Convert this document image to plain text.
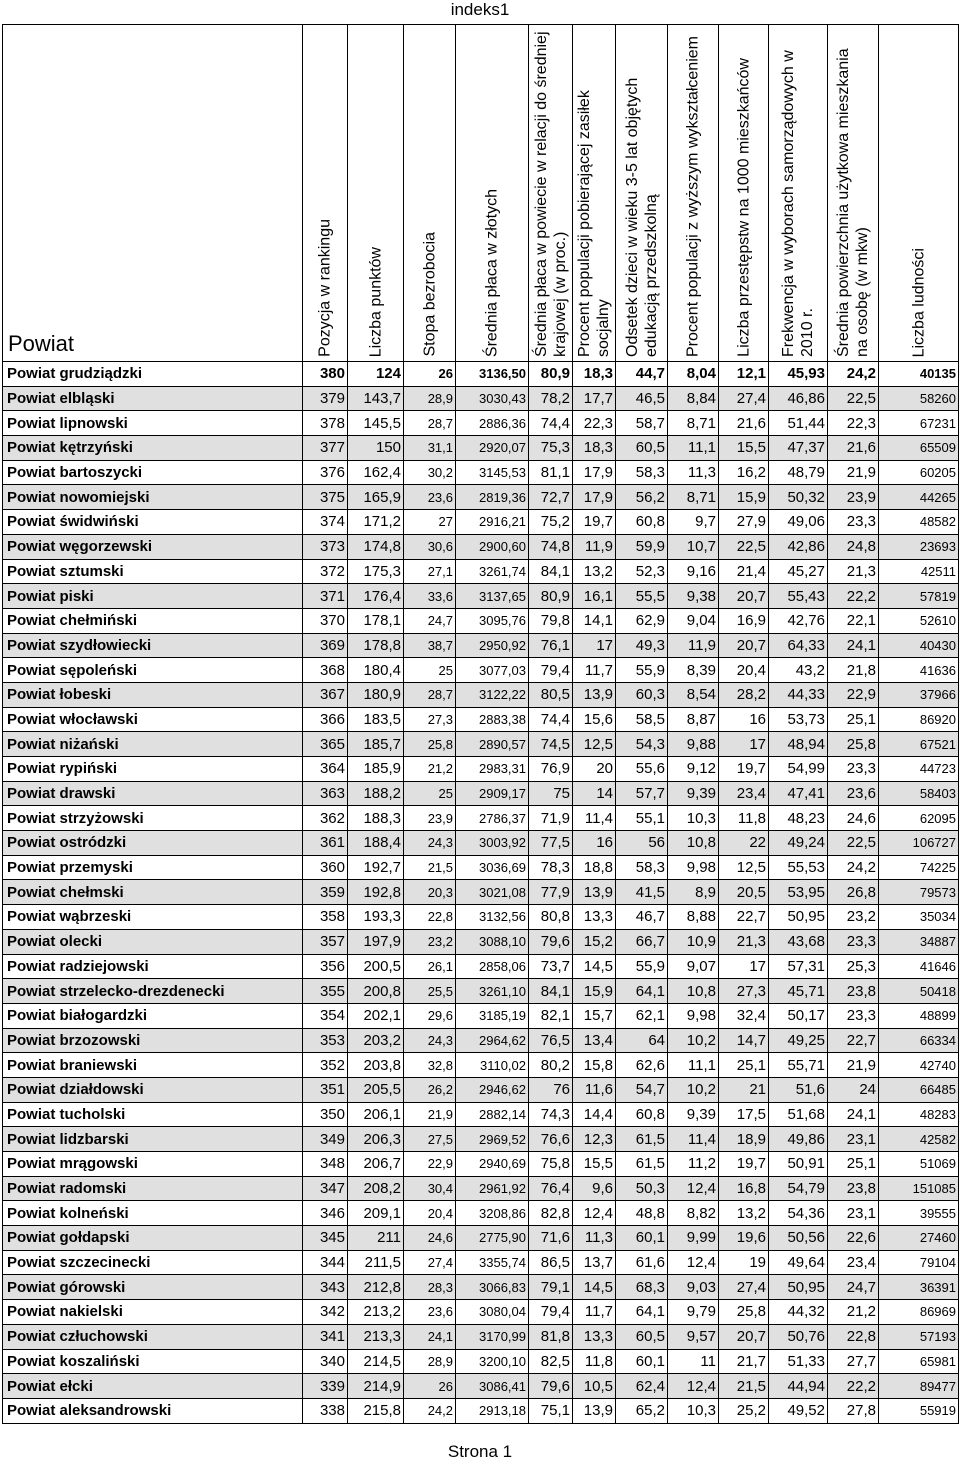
indeks1
Powiat	Pozycja w rankingu	Liczba punktów	Stopa bezrobocia	Średnia płaca w złotych	Średnia płaca w powiecie w relacji do średniej krajowej (w proc.)	Procent populacji pobierającej zasiłek socjalny	Odsetek dzieci w wieku 3-5 lat objętych edukacją przedszkolną	Procent populacji z wyższym wykształceniem	Liczba przestępstw na 1000 mieszkańców	Frekwencja w wyborach samorządowych w 2010 r.	Średnia powierzchnia użytkowa mieszkania na osobę (w mkw)	Liczba ludności

Powiat grudziądzki	380	124	26	3136,50	80,9	18,3	44,7	8,04	12,1	45,93	24,2	40135
Powiat elbląski	379	143,7	28,9	3030,43	78,2	17,7	46,5	8,84	27,4	46,86	22,5	58260
Powiat lipnowski	378	145,5	28,7	2886,36	74,4	22,3	58,7	8,71	21,6	51,44	22,3	67231
Powiat kętrzyński	377	150	31,1	2920,07	75,3	18,3	60,5	11,1	15,5	47,37	21,6	65509
Powiat bartoszycki	376	162,4	30,2	3145,53	81,1	17,9	58,3	11,3	16,2	48,79	21,9	60205
Powiat nowomiejski	375	165,9	23,6	2819,36	72,7	17,9	56,2	8,71	15,9	50,32	23,9	44265
Powiat świdwiński	374	171,2	27	2916,21	75,2	19,7	60,8	9,7	27,9	49,06	23,3	48582
Powiat węgorzewski	373	174,8	30,6	2900,60	74,8	11,9	59,9	10,7	22,5	42,86	24,8	23693
Powiat sztumski	372	175,3	27,1	3261,74	84,1	13,2	52,3	9,16	21,4	45,27	21,3	42511
Powiat piski	371	176,4	33,6	3137,65	80,9	16,1	55,5	9,38	20,7	55,43	22,2	57819
Powiat chełmiński	370	178,1	24,7	3095,76	79,8	14,1	62,9	9,04	16,9	42,76	22,1	52610
Powiat szydłowiecki	369	178,8	38,7	2950,92	76,1	17	49,3	11,9	20,7	64,33	24,1	40430
Powiat sępoleński	368	180,4	25	3077,03	79,4	11,7	55,9	8,39	20,4	43,2	21,8	41636
Powiat łobeski	367	180,9	28,7	3122,22	80,5	13,9	60,3	8,54	28,2	44,33	22,9	37966
Powiat włocławski	366	183,5	27,3	2883,38	74,4	15,6	58,5	8,87	16	53,73	25,1	86920
Powiat niżański	365	185,7	25,8	2890,57	74,5	12,5	54,3	9,88	17	48,94	25,8	67521
Powiat rypiński	364	185,9	21,2	2983,31	76,9	20	55,6	9,12	19,7	54,99	23,3	44723
Powiat drawski	363	188,2	25	2909,17	75	14	57,7	9,39	23,4	47,41	23,6	58403
Powiat strzyżowski	362	188,3	23,9	2786,37	71,9	11,4	55,1	10,3	11,8	48,23	24,6	62095
Powiat ostródzki	361	188,4	24,3	3003,92	77,5	16	56	10,8	22	49,24	22,5	106727
Powiat przemyski	360	192,7	21,5	3036,69	78,3	18,8	58,3	9,98	12,5	55,53	24,2	74225
Powiat chełmski	359	192,8	20,3	3021,08	77,9	13,9	41,5	8,9	20,5	53,95	26,8	79573
Powiat wąbrzeski	358	193,3	22,8	3132,56	80,8	13,3	46,7	8,88	22,7	50,95	23,2	35034
Powiat olecki	357	197,9	23,2	3088,10	79,6	15,2	66,7	10,9	21,3	43,68	23,3	34887
Powiat radziejowski	356	200,5	26,1	2858,06	73,7	14,5	55,9	9,07	17	57,31	25,3	41646
Powiat strzelecko-drezdenecki	355	200,8	25,5	3261,10	84,1	15,9	64,1	10,8	27,3	45,71	23,8	50418
Powiat białogardzki	354	202,1	29,6	3185,19	82,1	15,7	62,1	9,98	32,4	50,17	23,3	48899
Powiat brzozowski	353	203,2	24,3	2964,62	76,5	13,4	64	10,2	14,7	49,25	22,7	66334
Powiat braniewski	352	203,8	32,8	3110,02	80,2	15,8	62,6	11,1	25,1	55,71	21,9	42740
Powiat działdowski	351	205,5	26,2	2946,62	76	11,6	54,7	10,2	21	51,6	24	66485
Powiat tucholski	350	206,1	21,9	2882,14	74,3	14,4	60,8	9,39	17,5	51,68	24,1	48283
Powiat lidzbarski	349	206,3	27,5	2969,52	76,6	12,3	61,5	11,4	18,9	49,86	23,1	42582
Powiat mrągowski	348	206,7	22,9	2940,69	75,8	15,5	61,5	11,2	19,7	50,91	25,1	51069
Powiat radomski	347	208,2	30,4	2961,92	76,4	9,6	50,3	12,4	16,8	54,79	23,8	151085
Powiat kolneński	346	209,1	20,4	3208,86	82,8	12,4	48,8	8,82	13,2	54,36	23,1	39555
Powiat gołdapski	345	211	24,6	2775,90	71,6	11,3	60,1	9,99	19,6	50,56	22,6	27460
Powiat szczecinecki	344	211,5	27,4	3355,74	86,5	13,7	61,6	12,4	19	49,64	23,4	79104
Powiat górowski	343	212,8	28,3	3066,83	79,1	14,5	68,3	9,03	27,4	50,95	24,7	36391
Powiat nakielski	342	213,2	23,6	3080,04	79,4	11,7	64,1	9,79	25,8	44,32	21,2	86969
Powiat człuchowski	341	213,3	24,1	3170,99	81,8	13,3	60,5	9,57	20,7	50,76	22,8	57193
Powiat koszaliński	340	214,5	28,9	3200,10	82,5	11,8	60,1	11	21,7	51,33	27,7	65981
Powiat ełcki	339	214,9	26	3086,41	79,6	10,5	62,4	12,4	21,5	44,94	22,2	89477
Powiat aleksandrowski	338	215,8	24,2	2913,18	75,1	13,9	65,2	10,3	25,2	49,52	27,8	55919
Strona 1
